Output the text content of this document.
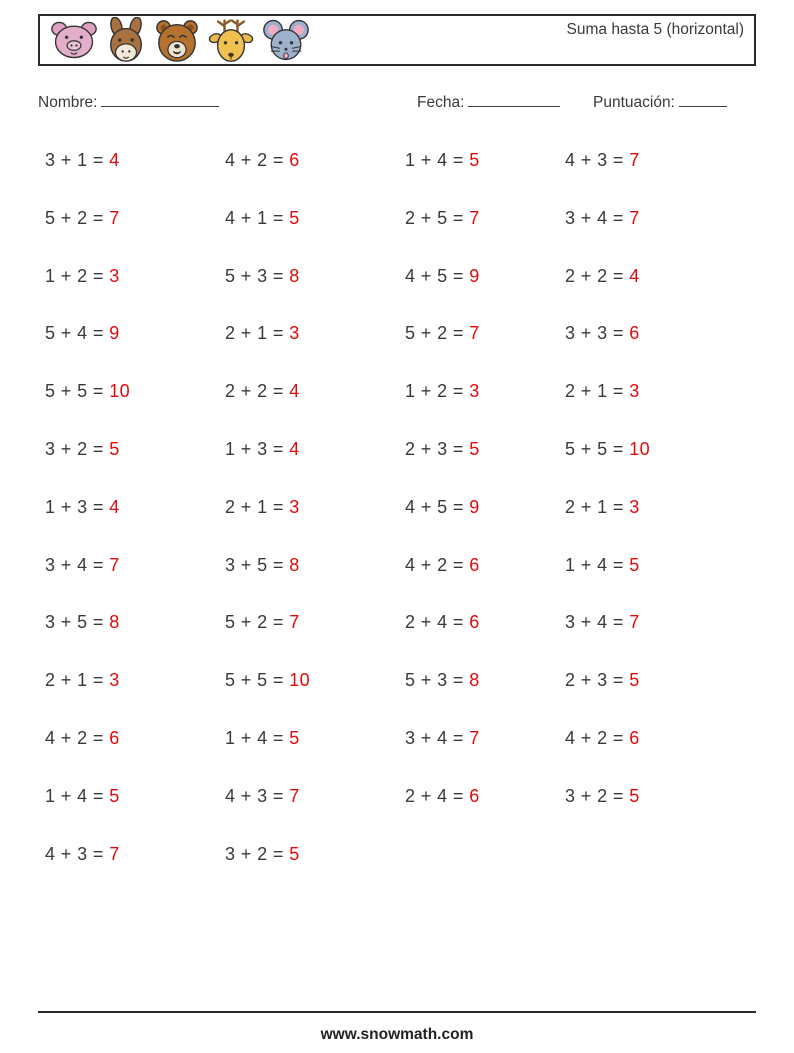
Suma hasta 5 (horizontal)
Nombre:	Fecha:	Puntuación:
3 + 1 = 4	4 + 2 = 6	1 + 4 = 5	4 + 3 = 7
5 + 2 = 7	4 + 1 = 5	2 + 5 = 7	3 + 4 = 7
1 + 2 = 3	5 + 3 = 8	4 + 5 = 9	2 + 2 = 4
5 + 4 = 9	2 + 1 = 3	5 + 2 = 7	3 + 3 = 6
5 + 5 = 10	2 + 2 = 4	1 + 2 = 3	2 + 1 = 3
3 + 2 = 5	1 + 3 = 4	2 + 3 = 5	5 + 5 = 10
1 + 3 = 4	2 + 1 = 3	4 + 5 = 9	2 + 1 = 3
3 + 4 = 7	3 + 5 = 8	4 + 2 = 6	1 + 4 = 5
3 + 5 = 8	5 + 2 = 7	2 + 4 = 6	3 + 4 = 7
2 + 1 = 3	5 + 5 = 10	5 + 3 = 8	2 + 3 = 5
4 + 2 = 6	1 + 4 = 5	3 + 4 = 7	4 + 2 = 6
1 + 4 = 5	4 + 3 = 7	2 + 4 = 6	3 + 2 = 5
4 + 3 = 7	3 + 2 = 5
www.snowmath.com
